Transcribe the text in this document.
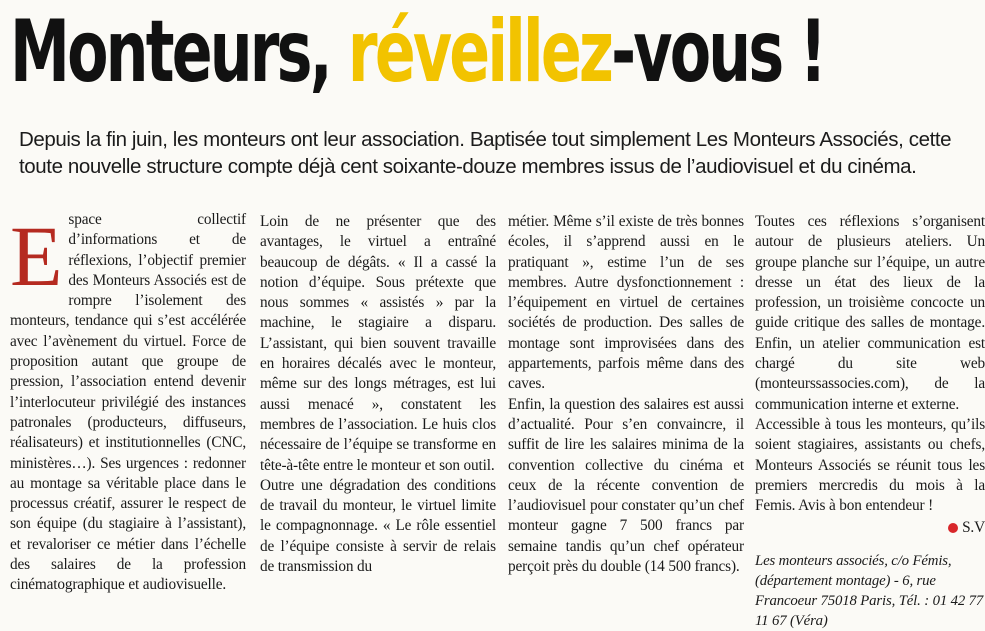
Monteurs, réveillez-vous !
Depuis la fin juin, les monteurs ont leur association. Baptisée tout simplement Les Monteurs Associés, cette toute nouvelle structure compte déjà cent soixante-douze membres issus de l’audiovisuel et du cinéma.
E space collectif d’informations et de réflexions, l’objectif premier des Monteurs Associés est de rompre l’isolement des monteurs, tendance qui s’est accélérée avec l’avènement du virtuel. Force de proposition autant que groupe de pression, l’association entend devenir l’interlocuteur privilégié des instances patronales (producteurs, diffuseurs, réalisateurs) et institutionnelles (CNC, ministères…). Ses urgences : redonner au montage sa véritable place dans le processus créatif, assurer le respect de son équipe (du stagiaire à l’assistant), et revaloriser ce métier dans l’échelle des salaires de la profession cinématographique et audiovisuelle.

Loin de ne présenter que des avantages, le virtuel a entraîné beaucoup de dégâts. « Il a cassé la notion d’équipe. Sous prétexte que nous sommes « assistés » par la machine, le stagiaire a disparu. L’assistant, qui bien souvent travaille en horaires décalés avec le monteur, même sur des longs métrages, est lui aussi menacé », constatent les membres de l’association. Le huis clos nécessaire de l’équipe se transforme en tête-à-tête entre le monteur et son outil.

Outre une dégradation des conditions de travail du monteur, le virtuel limite le compagnonnage. « Le rôle essentiel de l’équipe consiste à servir de relais de transmission du

métier. Même s’il existe de très bonnes écoles, il s’apprend aussi en le pratiquant », estime l’un de ses membres. Autre dysfonctionnement : l’équipement en virtuel de certaines sociétés de production. Des salles de montage sont improvisées dans des appartements, parfois même dans des caves.

Enfin, la question des salaires est aussi d’actualité. Pour s’en convaincre, il suffit de lire les salaires minima de la convention collective du cinéma et ceux de la récente convention de l’audiovisuel pour constater qu’un chef monteur gagne 7 500 francs par semaine tandis qu’un chef opérateur perçoit près du double (14 500 francs).

Toutes ces réflexions s’organisent autour de plusieurs ateliers. Un groupe planche sur l’équipe, un autre dresse un état des lieux de la profession, un troisième concocte un guide critique des salles de montage. Enfin, un atelier communication est chargé du site web (monteurssassocies.com), de la communication interne et externe.

Accessible à tous les monteurs, qu’ils soient stagiaires, assistants ou chefs, Monteurs Associés se réunit tous les premiers mercredis du mois à la Femis. Avis à bon entendeur !

S.V
Les monteurs associés, c/o Fémis, (département montage) - 6, rue Francoeur 75018 Paris, Tél. : 01 42 77 11 67 (Véra)
